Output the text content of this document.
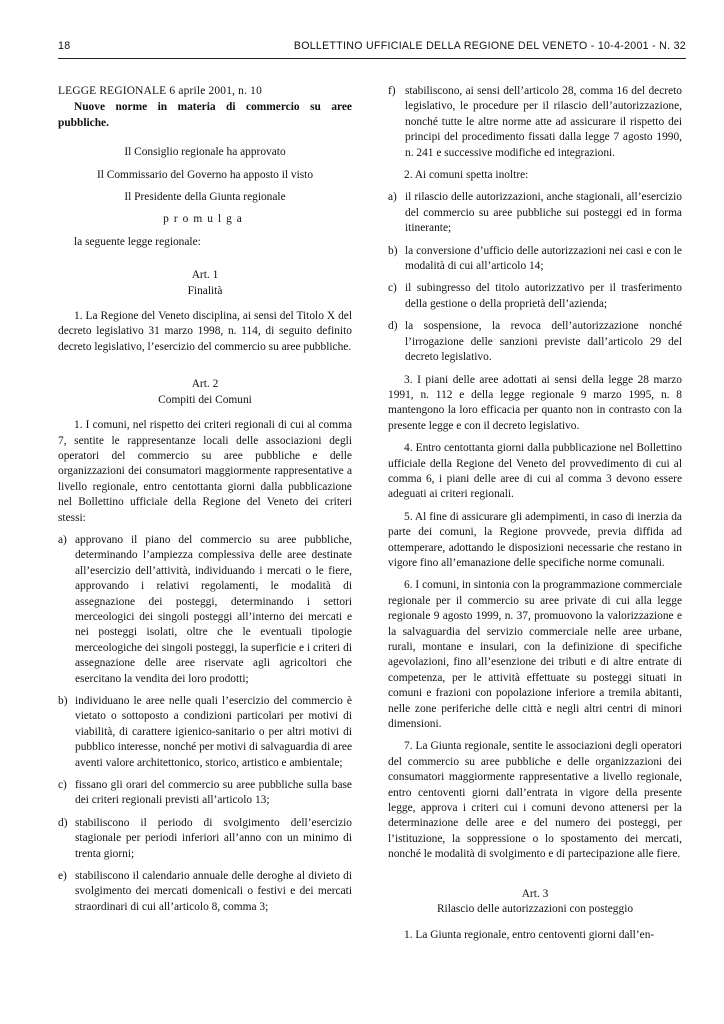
18	BOLLETTINO UFFICIALE DELLA REGIONE DEL VENETO - 10-4-2001 - N. 32

LEGGE REGIONALE 6 aprile 2001, n. 10

Nuove norme in materia di commercio su aree pubbliche.

Il Consiglio regionale ha approvato

Il Commissario del Governo ha apposto il visto

Il Presidente della Giunta regionale

promulga

la seguente legge regionale:

Art. 1

Finalità

1. La Regione del Veneto disciplina, ai sensi del Titolo X del decreto legislativo 31 marzo 1998, n. 114, di seguito definito decreto legislativo, l’esercizio del commercio su aree pubbliche.

Art. 2

Compiti dei Comuni

1. I comuni, nel rispetto dei criteri regionali di cui al comma 7, sentite le rappresentanze locali delle associazioni degli operatori del commercio su aree pubbliche e delle organizzazioni dei consumatori maggiormente rappresentative a livello regionale, entro centottanta giorni dalla pubblicazione nel Bollettino ufficiale della Regione del Veneto dei criteri stessi:

a) approvano il piano del commercio su aree pubbliche, determinando l’ampiezza complessiva delle aree destinate all’esercizio dell’attività, individuando i mercati o le fiere, approvando i relativi regolamenti, le modalità di assegnazione dei posteggi, determinando i settori merceologici dei singoli posteggi all’interno dei mercati e nei posteggi isolati, oltre che le eventuali tipologie merceologiche dei singoli posteggi, la superficie e i criteri di assegnazione delle aree riservate agli agricoltori che esercitano la vendita dei loro prodotti;
b) individuano le aree nelle quali l’esercizio del commercio è vietato o sottoposto a condizioni particolari per motivi di viabilità, di carattere igienico-sanitario o per altri motivi di pubblico interesse, nonché per motivi di salvaguardia di aree aventi valore architettonico, storico, artistico e ambientale;
c) fissano gli orari del commercio su aree pubbliche sulla base dei criteri regionali previsti all’articolo 13;
d) stabiliscono il periodo di svolgimento dell’esercizio stagionale per periodi inferiori all’anno con un minimo di trenta giorni;
e) stabiliscono il calendario annuale delle deroghe al divieto di svolgimento dei mercati domenicali o festivi e dei mercati straordinari di cui all’articolo 8, comma 3;
f) stabiliscono, ai sensi dell’articolo 28, comma 16 del decreto legislativo, le procedure per il rilascio dell’autorizzazione, nonché tutte le altre norme atte ad assicurare il rispetto dei principi del procedimento fissati dalla legge 7 agosto 1990, n. 241 e successive modifiche ed integrazioni.

2. Ai comuni spetta inoltre:

a) il rilascio delle autorizzazioni, anche stagionali, all’esercizio del commercio su aree pubbliche sui posteggi ed in forma itinerante;
b) la conversione d’ufficio delle autorizzazioni nei casi e con le modalità di cui all’articolo 14;
c) il subingresso del titolo autorizzativo per il trasferimento della gestione o della proprietà dell’azienda;
d) la sospensione, la revoca dell’autorizzazione nonché l’irrogazione delle sanzioni previste dall’articolo 29 del decreto legislativo.

3. I piani delle aree adottati ai sensi della legge 28 marzo 1991, n. 112 e della legge regionale 9 marzo 1995, n. 8 mantengono la loro efficacia per quanto non in contrasto con la presente legge e con il decreto legislativo.

4. Entro centottanta giorni dalla pubblicazione nel Bollettino ufficiale della Regione del Veneto del provvedimento di cui al comma 6, i piani delle aree di cui al comma 3 devono essere adeguati ai criteri regionali.

5. Al fine di assicurare gli adempimenti, in caso di inerzia da parte dei comuni, la Regione provvede, previa diffida ad ottemperare, adottando le disposizioni necessarie che restano in vigore fino all’emanazione delle specifiche norme comunali.

6. I comuni, in sintonia con la programmazione commerciale regionale per il commercio su aree private di cui alla legge regionale 9 agosto 1999, n. 37, promuovono la valorizzazione e la salvaguardia del servizio commerciale nelle aree urbane, rurali, montane e insulari, con la definizione di specifiche agevolazioni, fino all’esenzione dei tributi e di altre entrate di competenza, per le attività effettuate su posteggi situati in comuni e frazioni con popolazione inferiore a tremila abitanti, nelle zone periferiche delle città e negli altri centri di minori dimensioni.

7. La Giunta regionale, sentite le associazioni degli operatori del commercio su aree pubbliche e delle organizzazioni dei consumatori maggiormente rappresentative a livello regionale, entro centoventi giorni dall’entrata in vigore della presente legge, approva i criteri cui i comuni devono attenersi per la determinazione delle aree e del numero dei posteggi, per l’istituzione, la soppressione o lo spostamento dei mercati, nonché le modalità di svolgimento e di partecipazione alle fiere.

Art. 3

Rilascio delle autorizzazioni con posteggio

1. La Giunta regionale, entro centoventi giorni dall’en-
